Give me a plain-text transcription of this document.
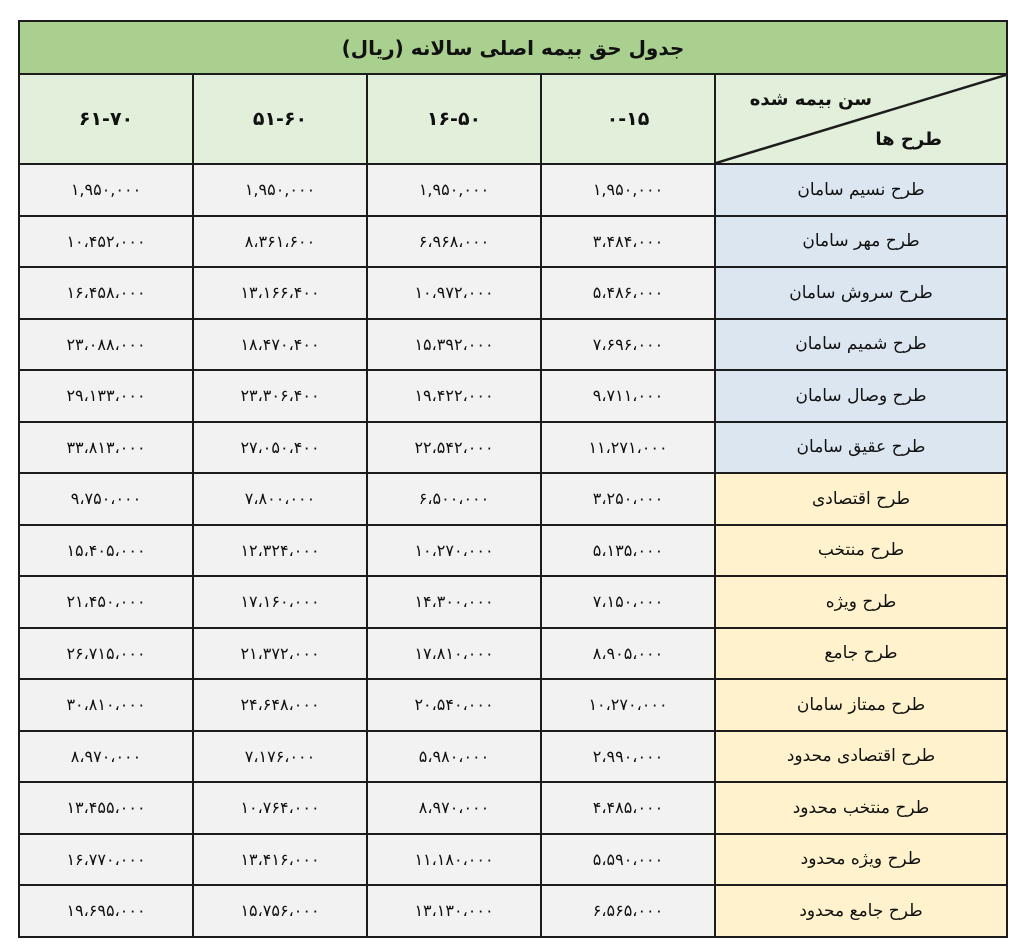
جدول حق بیمه اصلی سالانه (ریال)				

سن بیمه شده
طرح ها	۰-۱۵	۱۶-۵۰	۵۱-۶۰	۶۱-۷۰
طرح نسیم سامان	۱,۹۵۰,۰۰۰	۱,۹۵۰,۰۰۰	۱,۹۵۰,۰۰۰	۱,۹۵۰,۰۰۰
طرح مهر سامان	۳،۴۸۴،۰۰۰	۶،۹۶۸،۰۰۰	۸،۳۶۱،۶۰۰	۱۰،۴۵۲،۰۰۰
طرح سروش سامان	۵،۴۸۶،۰۰۰	۱۰،۹۷۲،۰۰۰	۱۳،۱۶۶،۴۰۰	۱۶،۴۵۸،۰۰۰
طرح شمیم سامان	۷،۶۹۶،۰۰۰	۱۵،۳۹۲،۰۰۰	۱۸،۴۷۰،۴۰۰	۲۳،۰۸۸،۰۰۰
طرح وصال سامان	۹،۷۱۱،۰۰۰	۱۹،۴۲۲،۰۰۰	۲۳،۳۰۶،۴۰۰	۲۹،۱۳۳،۰۰۰
طرح عقیق سامان	۱۱،۲۷۱،۰۰۰	۲۲،۵۴۲،۰۰۰	۲۷،۰۵۰،۴۰۰	۳۳،۸۱۳،۰۰۰
طرح اقتصادی	۳،۲۵۰،۰۰۰	۶،۵۰۰،۰۰۰	۷،۸۰۰،۰۰۰	۹،۷۵۰،۰۰۰
طرح منتخب	۵،۱۳۵،۰۰۰	۱۰،۲۷۰،۰۰۰	۱۲،۳۲۴،۰۰۰	۱۵،۴۰۵،۰۰۰
طرح ویژه	۷،۱۵۰،۰۰۰	۱۴،۳۰۰،۰۰۰	۱۷،۱۶۰،۰۰۰	۲۱،۴۵۰،۰۰۰
طرح جامع	۸،۹۰۵،۰۰۰	۱۷،۸۱۰،۰۰۰	۲۱،۳۷۲،۰۰۰	۲۶،۷۱۵،۰۰۰
طرح ممتاز سامان	۱۰،۲۷۰،۰۰۰	۲۰،۵۴۰،۰۰۰	۲۴،۶۴۸،۰۰۰	۳۰،۸۱۰،۰۰۰
طرح اقتصادی محدود	۲،۹۹۰،۰۰۰	۵،۹۸۰،۰۰۰	۷،۱۷۶،۰۰۰	۸،۹۷۰،۰۰۰
طرح منتخب محدود	۴،۴۸۵،۰۰۰	۸،۹۷۰،۰۰۰	۱۰،۷۶۴،۰۰۰	۱۳،۴۵۵،۰۰۰
طرح ویژه محدود	۵،۵۹۰،۰۰۰	۱۱،۱۸۰،۰۰۰	۱۳،۴۱۶،۰۰۰	۱۶،۷۷۰،۰۰۰
طرح جامع محدود	۶،۵۶۵،۰۰۰	۱۳،۱۳۰،۰۰۰	۱۵،۷۵۶،۰۰۰	۱۹،۶۹۵،۰۰۰
